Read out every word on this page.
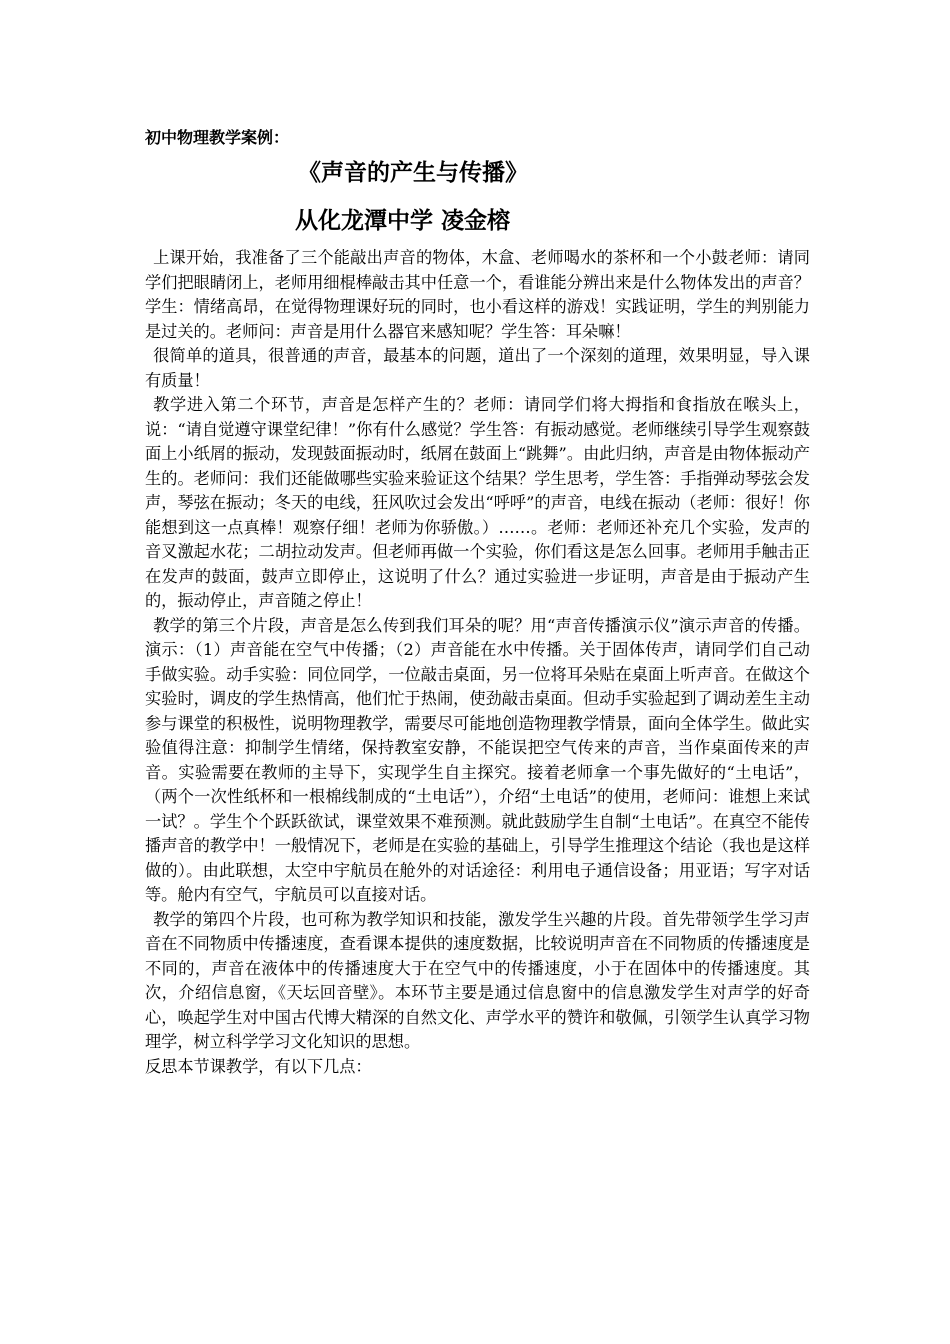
初中物理教学案例：

《声音的产生与传播》

从化龙潭中学 凌金榕

上课开始，我准备了三个能敲出声音的物体，木盒、老师喝水的茶杯和一个小鼓老师：请同学们把眼睛闭上，老师用细棍棒敲击其中任意一个，看谁能分辨出来是什么物体发出的声音？学生：情绪高昂，在觉得物理课好玩的同时，也小看这样的游戏！实践证明，学生的判别能力是过关的。老师问：声音是用什么器官来感知呢？学生答：耳朵嘛！

很简单的道具，很普通的声音，最基本的问题，道出了一个深刻的道理，效果明显，导入课有质量！

教学进入第二个环节，声音是怎样产生的？老师：请同学们将大拇指和食指放在喉头上，说：“请自觉遵守课堂纪律！”你有什么感觉？学生答：有振动感觉。老师继续引导学生观察鼓面上小纸屑的振动，发现鼓面振动时，纸屑在鼓面上“跳舞”。由此归纳，声音是由物体振动产生的。老师问：我们还能做哪些实验来验证这个结果？学生思考，学生答：手指弹动琴弦会发声，琴弦在振动；冬天的电线，狂风吹过会发出“呼呼”的声音，电线在振动（老师：很好！你能想到这一点真棒！观察仔细！老师为你骄傲。）……。老师：老师还补充几个实验，发声的音叉激起水花；二胡拉动发声。但老师再做一个实验，你们看这是怎么回事。老师用手触击正在发声的鼓面，鼓声立即停止，这说明了什么？通过实验进一步证明，声音是由于振动产生的，振动停止，声音随之停止！

教学的第三个片段，声音是怎么传到我们耳朵的呢？用“声音传播演示仪”演示声音的传播。演示：（1）声音能在空气中传播；（2）声音能在水中传播。关于固体传声，请同学们自己动手做实验。动手实验：同位同学，一位敲击桌面，另一位将耳朵贴在桌面上听声音。在做这个实验时，调皮的学生热情高，他们忙于热闹，使劲敲击桌面。但动手实验起到了调动差生主动参与课堂的积极性，说明物理教学，需要尽可能地创造物理教学情景，面向全体学生。做此实验值得注意：抑制学生情绪，保持教室安静，不能误把空气传来的声音，当作桌面传来的声音。实验需要在教师的主导下，实现学生自主探究。接着老师拿一个事先做好的“土电话”，（两个一次性纸杯和一根棉线制成的“土电话”），介绍“土电话”的使用，老师问：谁想上来试一试？。学生个个跃跃欲试，课堂效果不难预测。就此鼓励学生自制“土电话”。在真空不能传播声音的教学中！一般情况下，老师是在实验的基础上，引导学生推理这个结论（我也是这样做的）。由此联想，太空中宇航员在舱外的对话途径：利用电子通信设备；用亚语；写字对话等。舱内有空气，宇航员可以直接对话。

教学的第四个片段，也可称为教学知识和技能，激发学生兴趣的片段。首先带领学生学习声音在不同物质中传播速度，查看课本提供的速度数据，比较说明声音在不同物质的传播速度是不同的，声音在液体中的传播速度大于在空气中的传播速度，小于在固体中的传播速度。其次，介绍信息窗，《天坛回音壁》。本环节主要是通过信息窗中的信息激发学生对声学的好奇心，唤起学生对中国古代博大精深的自然文化、声学水平的赞许和敬佩，引领学生认真学习物理学，树立科学学习文化知识的思想。

反思本节课教学，有以下几点：
